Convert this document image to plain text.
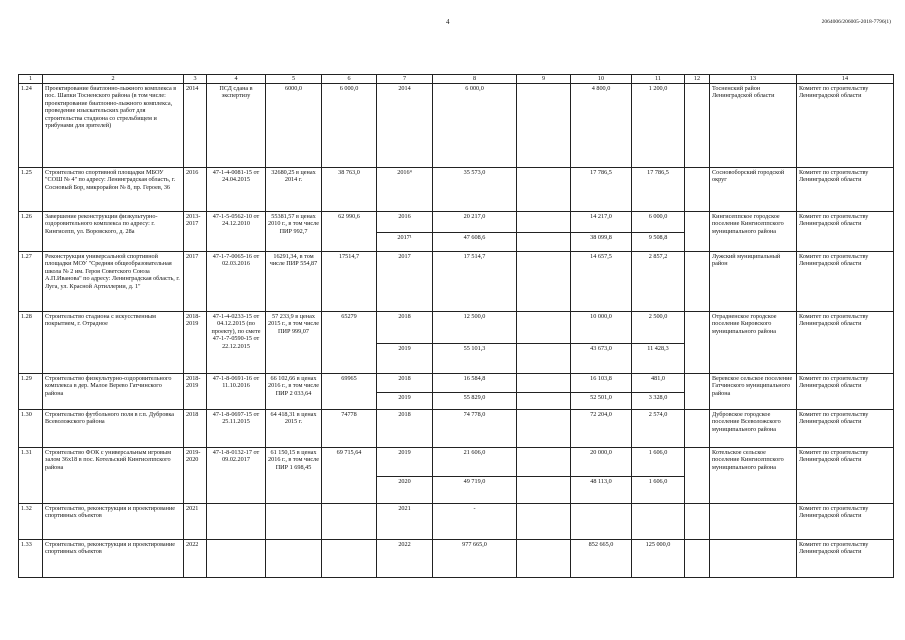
4	2064006/206005-2018-7796(1)
1	2	3	4	5	6	7	8	9	10	11	12	13	14
1.24	Проектирование биатлонно-лыжного комплекса в пос. Шапки Тосненского района (в том числе: проектирование биатлонно-лыжного комплекса, проведение изыскательских работ для строительства стадиона со стрельбищем и трибунами для зрителей)	2014	ПСД сдана в экспертизу	6000,0	6 000,0	2014	6 000,0		4 800,0	1 200,0		Тосненский район Ленинградской области	Комитет по строительству Ленинградской области
1.25	Строительство спортивной площадки МБОУ "СОШ № 4" по адресу: Ленинградская область, г. Сосновый Бор, микрорайон № 8, пр. Героев, 36	2016	47-1-4-0081-15 от 24.04.2015	32680,25 в ценах 2014 г.	38 763,0	2016⁴	35 573,0		17 786,5	17 786,5		Сосновоборский городской округ	Комитет по строительству Ленинградской области
1.26	Завершение реконструкции физкультурно-оздоровительного комплекса по адресу: г. Кингисепп, ул. Воровского, д. 28а	2013-2017	47-1-5-0562-10 от 24.12.2010	55381,57 в ценах 2010 г., в том числе ПИР 992,7	62 990,6	2016	20 217,0		14 217,0	6 000,0		Кингисеппское городское поселение Кингисеппского муниципального района	Комитет по строительству Ленинградской области
						2017¹	47 608,6		38 099,8	9 508,8			
1.27	Реконструкция универсальной спортивной площадки МОУ "Средняя общеобразовательная школа № 2 им. Героя Советского Союза А.П.Иванова" по адресу: Ленинградская область, г. Луга, ул. Красной Артиллерии, д. 1"	2017	47-1-7-0065-16 от 02.03.2016	16291,34, в том числе ПИР 554,87	17514,7	2017	17 514,7		14 657,5	2 857,2		Лужский муниципальный район	Комитет по строительству Ленинградской области
1.28	Строительство стадиона с искусственным покрытием, г. Отрадное	2018-2019	47-1-4-0233-15 от 04.12.2015 (по проекту), по смете 47-1-7-0590-15 от 22.12.2015	57 233,9 в ценах 2015 г., в том числе ПИР 999,07	65279	2018	12 500,0		10 000,0	2 500,0		Отрадненское городское поселение Кировского муниципального района	Комитет по строительству Ленинградской области
						2019	55 101,3		43 673,0	11 428,3			
1.29	Строительство физкультурно-оздоровительного комплекса в дер. Малое Верево Гатчинского района	2018-2019	47-1-8-0691-16 от 11.10.2016	66 102,66 в ценах 2016 г., в том числе ПИР 2 033,64	69965	2018	16 584,8		16 103,8	481,0		Веревское сельское поселение Гатчинского муниципального района	Комитет по строительству Ленинградской области
						2019	55 829,0		52 501,0	3 328,0			
1.30	Строительство футбольного поля в г.п. Дубровка Всеволожского района	2018	47-1-8-0697-15 от 25.11.2015	64 418,31 в ценах 2015 г.	74778	2018	74 778,0		72 204,0	2 574,0		Дубровское городское поселение Всеволожского муниципального района	Комитет по строительству Ленинградской области
1.31	Строительство ФОК с универсальным игровым залом 36х18 в пос. Котельский Кингисеппского района	2019-2020	47-1-8-0132-17 от 09.02.2017	61 150,15 в ценах 2016 г., в том числе ПИР 1 698,45	69 715,64	2019	21 606,0		20 000,0	1 606,0		Котельское сельское поселение Кингисеппского муниципального района	Комитет по строительству Ленинградской области
						2020	49 719,0		48 113,0	1 606,0			
1.32	Строительство, реконструкция и проектирование спортивных объектов	2021				2021	-						Комитет по строительству Ленинградской области
1.33	Строительство, реконструкция и проектирование спортивных объектов	2022				2022	977 665,0		852 665,0	125 000,0			Комитет по строительству Ленинградской области
